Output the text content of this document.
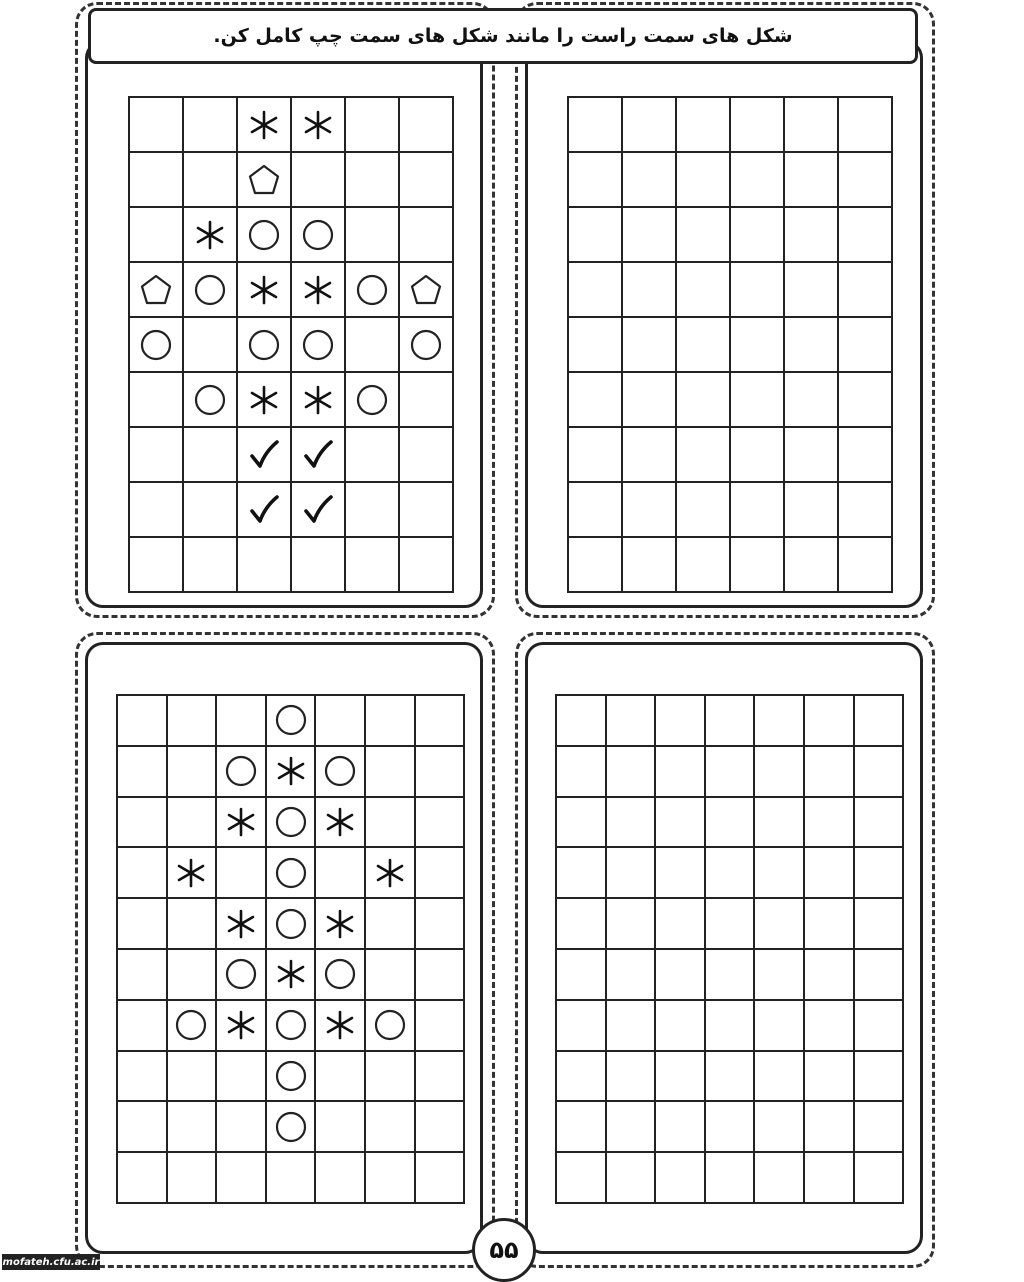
شکل های سمت راست را مانند شکل های سمت چپ کامل کن.

۵۵
mofateh.cfu.ac.ir
